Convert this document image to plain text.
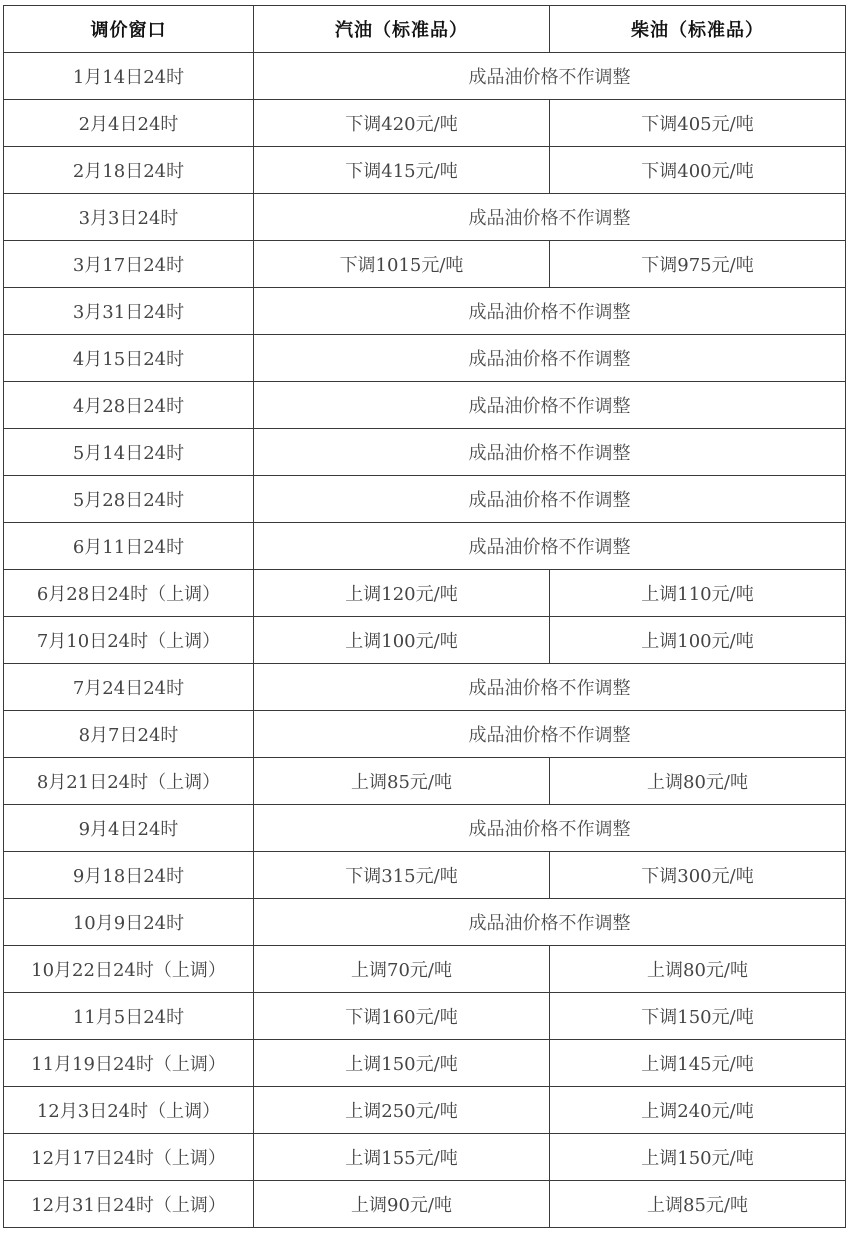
调价窗口	汽油（标准品）	柴油（标准品）
1月14日24时	成品油价格不作调整	
2月4日24时	下调420元/吨	下调405元/吨
2月18日24时	下调415元/吨	下调400元/吨
3月3日24时	成品油价格不作调整	
3月17日24时	下调1015元/吨	下调975元/吨
3月31日24时	成品油价格不作调整	
4月15日24时	成品油价格不作调整	
4月28日24时	成品油价格不作调整	
5月14日24时	成品油价格不作调整	
5月28日24时	成品油价格不作调整	
6月11日24时	成品油价格不作调整	
6月28日24时（上调）	上调120元/吨	上调110元/吨
7月10日24时（上调）	上调100元/吨	上调100元/吨
7月24日24时	成品油价格不作调整	
8月7日24时	成品油价格不作调整	
8月21日24时（上调）	上调85元/吨	上调80元/吨
9月4日24时	成品油价格不作调整	
9月18日24时	下调315元/吨	下调300元/吨
10月9日24时	成品油价格不作调整	
10月22日24时（上调）	上调70元/吨	上调80元/吨
11月5日24时	下调160元/吨	下调150元/吨
11月19日24时（上调）	上调150元/吨	上调145元/吨
12月3日24时（上调）	上调250元/吨	上调240元/吨
12月17日24时（上调）	上调155元/吨	上调150元/吨
12月31日24时（上调）	上调90元/吨	上调85元/吨
